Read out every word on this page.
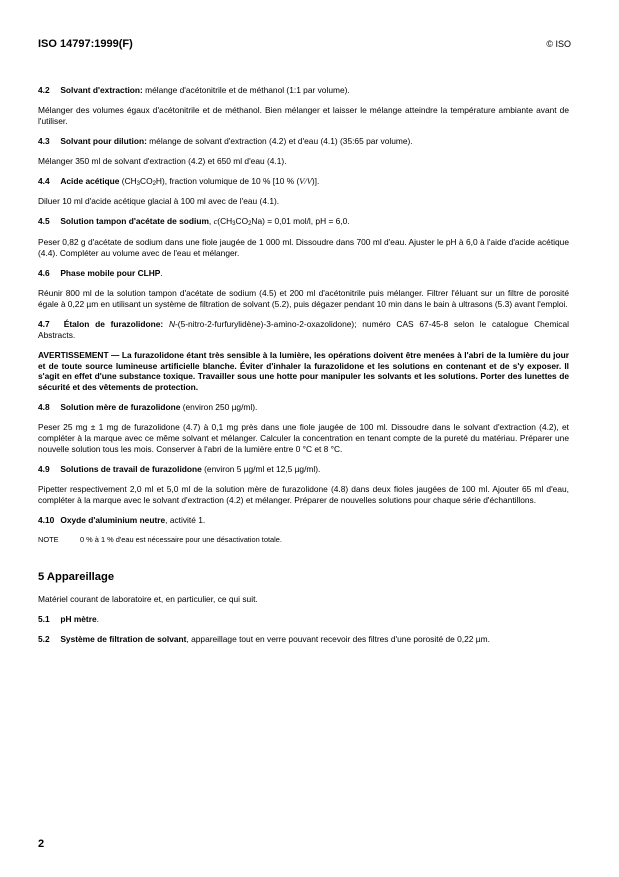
ISO 14797:1999(F)	© ISO

4.2 Solvant d'extraction: mélange d'acétonitrile et de méthanol (1:1 par volume).

Mélanger des volumes égaux d'acétonitrile et de méthanol. Bien mélanger et laisser le mélange atteindre la température ambiante avant de l'utiliser.

4.3 Solvant pour dilution: mélange de solvant d'extraction (4.2) et d'eau (4.1) (35:65 par volume).

Mélanger 350 ml de solvant d'extraction (4.2) et 650 ml d'eau (4.1).

4.4 Acide acétique $(CH_3CO_2H)$, fraction volumique de 10 % [10 % (V/V)].

Diluer 10 ml d'acide acétique glacial à 100 ml avec de l'eau (4.1).

4.5 Solution tampon d'acétate de sodium, $c(CH_3CO_2Na) = 0,01$ mol/l, pH = 6,0.

Peser 0,82 g d'acétate de sodium dans une fiole jaugée de 1 000 ml. Dissoudre dans 700 ml d'eau. Ajuster le pH à 6,0 à l'aide d'acide acétique (4.4). Compléter au volume avec de l'eau et mélanger.

4.6 Phase mobile pour CLHP.

Réunir 800 ml de la solution tampon d'acétate de sodium (4.5) et 200 ml d'acétonitrile puis mélanger. Filtrer l'éluant sur un filtre de porosité égale à 0,22 µm en utilisant un système de filtration de solvant (5.2), puis dégazer pendant 10 min dans le bain à ultrasons (5.3) avant l'emploi.

4.7 Étalon de furazolidone: N-(5-nitro-2-furfurylidène)-3-amino-2-oxazolidone); numéro CAS 67-45-8 selon le catalogue Chemical Abstracts.

AVERTISSEMENT — La furazolidone étant très sensible à la lumière, les opérations doivent être menées à l'abri de la lumière du jour et de toute source lumineuse artificielle blanche. Éviter d'inhaler la furazolidone et les solutions en contenant et de s'y exposer. Il s'agit en effet d'une substance toxique. Travailler sous une hotte pour manipuler les solvants et les solutions. Porter des lunettes de sécurité et des vêtements de protection.

4.8 Solution mère de furazolidone (environ 250 µg/ml).

Peser 25 mg ± 1 mg de furazolidone (4.7) à 0,1 mg près dans une fiole jaugée de 100 ml. Dissoudre dans le solvant d'extraction (4.2), et compléter à la marque avec ce même solvant et mélanger. Calculer la concentration en tenant compte de la pureté du matériau. Préparer une nouvelle solution tous les mois. Conserver à l'abri de la lumière entre 0 °C et 8 °C.

4.9 Solutions de travail de furazolidone (environ 5 µg/ml et 12,5 µg/ml).

Pipetter respectivement 2,0 ml et 5,0 ml de la solution mère de furazolidone (4.8) dans deux fioles jaugées de 100 ml. Ajouter 65 ml d'eau, compléter à la marque avec le solvant d'extraction (4.2) et mélanger. Préparer de nouvelles solutions pour chaque série d'échantillons.

4.10 Oxyde d'aluminium neutre, activité 1.

NOTE	0 % à 1 % d'eau est nécessaire pour une désactivation totale.

5 Appareillage

Matériel courant de laboratoire et, en particulier, ce qui suit.

5.1 pH mètre.

5.2 Système de filtration de solvant, appareillage tout en verre pouvant recevoir des filtres d'une porosité de 0,22 µm.

2
